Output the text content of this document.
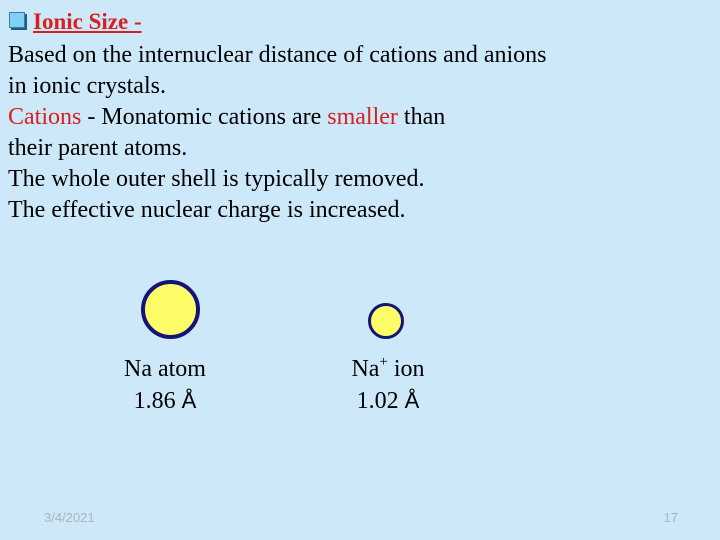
Ionic Size -
Based on the internuclear distance of cations and anions
in ionic crystals.
Cations - Monatomic cations are smaller than
their parent atoms.
The whole outer shell is typically removed.
The effective nuclear charge is increased.
Na atom
1.86 Å
Na+ ion
1.02 Å
3/4/2021	17
